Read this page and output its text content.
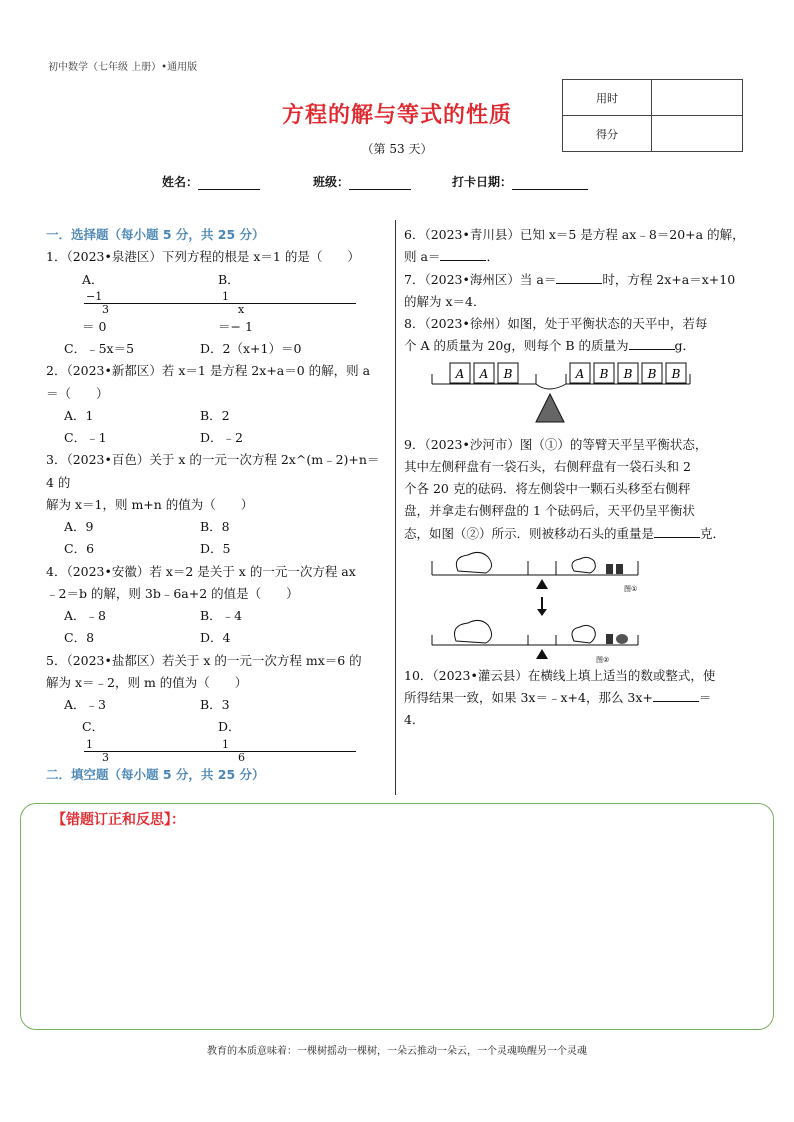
初中数学（七年级 上册）•通用版
方程的解与等式的性质
（第 53 天）
用时	
得分	
姓名：	班级：	打卡日期：
一．选择题（每小题 5 分，共 25 分）
1．（2023•泉港区）下列方程的根是 x＝1 的是（　　）
A．$\frac{-1}{3}= 0$
B．$\frac{1}{x}=- 1$
C．﹣5x＝5	D．2（x+1）＝0
2．（2023•新都区）若 x＝1 是方程 2x+a＝0 的解，则 a
＝（　　）
A．1	B．2
C．﹣1	D．﹣2
3．（2023•百色）关于 x 的一元一次方程 2x^(m﹣2)+n＝4 的
解为 x＝1，则 m+n 的值为（　　）
A．9	B．8
C．6	D．5
4．（2023•安徽）若 x＝2 是关于 x 的一元一次方程 ax
﹣2＝b 的解，则 3b﹣6a+2 的值是（　　）
A．﹣8	B．﹣4
C．8	D．4
5．（2023•盐都区）若关于 x 的一元一次方程 mx＝6 的
解为 x＝﹣2，则 m 的值为（　　）
A．﹣3	B．3
C．$\frac{1}{3}$
D．$\frac{1}{6}$
二．填空题（每小题 5 分，共 25 分）
6．（2023•青川县）已知 x＝5 是方程 ax﹣8＝20+a 的解，
则 a＝	．
7．（2023•海州区）当 a＝	时，方程 2x+a＝x+10
的解为 x＝4．
8．（2023•徐州）如图，处于平衡状态的天平中，若每
个 A 的质量为 20g，则每个 B 的质量为	g．
A A B	A B B B B
9．（2023•沙河市）图（①）的等臂天平呈平衡状态，
其中左侧秤盘有一袋石头，右侧秤盘有一袋石头和 2
个各 20 克的砝码．将左侧袋中一颗石头移至右侧秤
盘，并拿走右侧秤盘的 1 个砝码后，天平仍呈平衡状
态，如图（②）所示．则被移动石头的重量是	克．
图①
图②
10．（2023•灌云县）在横线上填上适当的数或整式，使
所得结果一致，如果 3x＝﹣x+4，那么 3x+	＝
4．
【错题订正和反思】：
教育的本质意味着：一棵树摇动一棵树，一朵云推动一朵云，一个灵魂唤醒另一个灵魂
